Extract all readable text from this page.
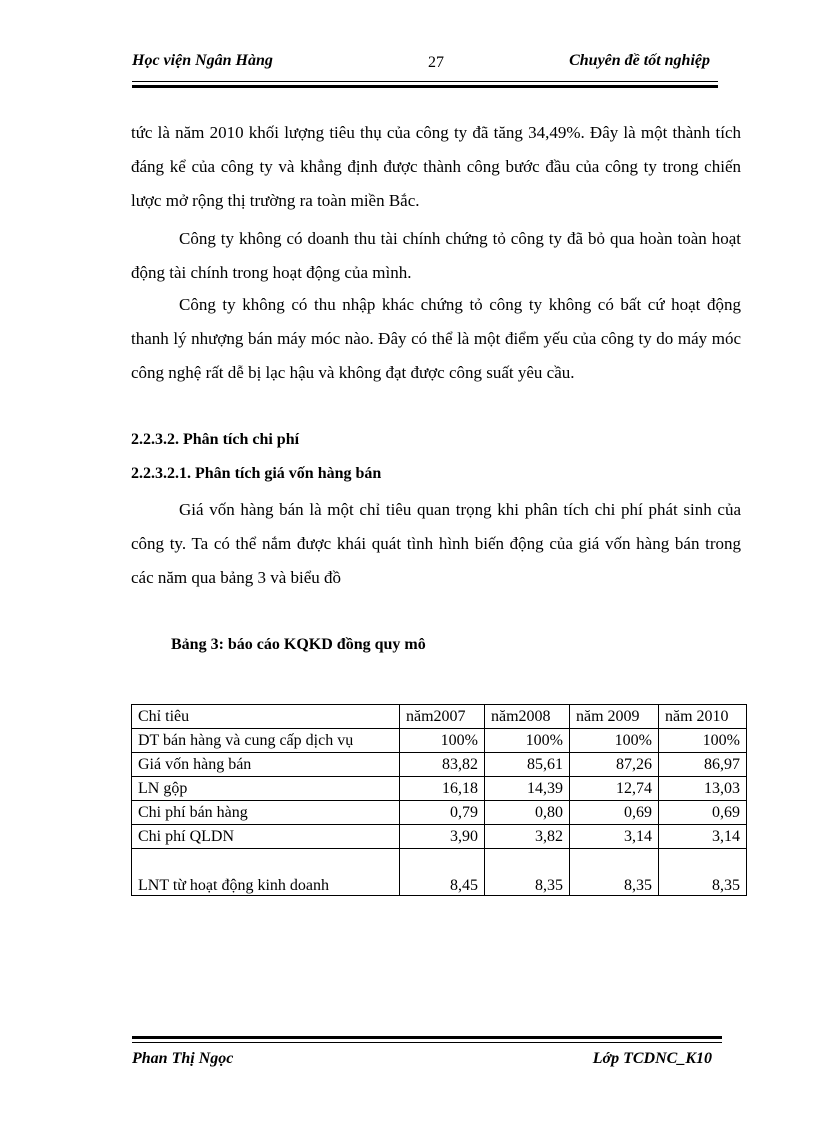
Học viện Ngân Hàng	27	Chuyên đề tốt nghiệp
tức là năm 2010 khối lượng tiêu thụ của công ty đã tăng 34,49%. Đây là một thành tích đáng kể của công ty và khẳng định được thành công bước đầu của công ty trong chiến lược mở rộng thị trường ra toàn miền Bắc.
Công ty không có doanh thu tài chính chứng tỏ công ty đã bỏ qua hoàn toàn hoạt động tài chính trong hoạt động của mình.
Công ty không có thu nhập khác chứng tỏ công ty không có bất cứ hoạt động thanh lý nhượng bán máy móc nào. Đây có thể là một điểm yếu của công ty do máy móc công nghệ rất dễ bị lạc hậu và không đạt được công suất yêu cầu.
2.2.3.2. Phân tích chi phí
2.2.3.2.1. Phân tích giá vốn hàng bán
Giá vốn hàng bán là một chỉ tiêu quan trọng khi phân tích chi phí phát sinh của công ty. Ta có thể nắm được khái quát tình hình biến động của giá vốn hàng bán trong các năm qua bảng 3 và biểu đồ
Bảng 3: báo cáo KQKD đồng quy mô
Chỉ tiêu	năm2007	năm2008	năm 2009	năm 2010
DT bán hàng và cung cấp dịch vụ	100%	100%	100%	100%
Giá vốn hàng bán	83,82	85,61	87,26	86,97
LN gộp	16,18	14,39	12,74	13,03
Chi phí bán hàng	0,79	0,80	0,69	0,69
Chi phí QLDN	3,90	3,82	3,14	3,14
LNT từ hoạt động kinh doanh	8,45	8,35	8,35	8,35
Phan Thị Ngọc	Lớp TCDNC_K10
